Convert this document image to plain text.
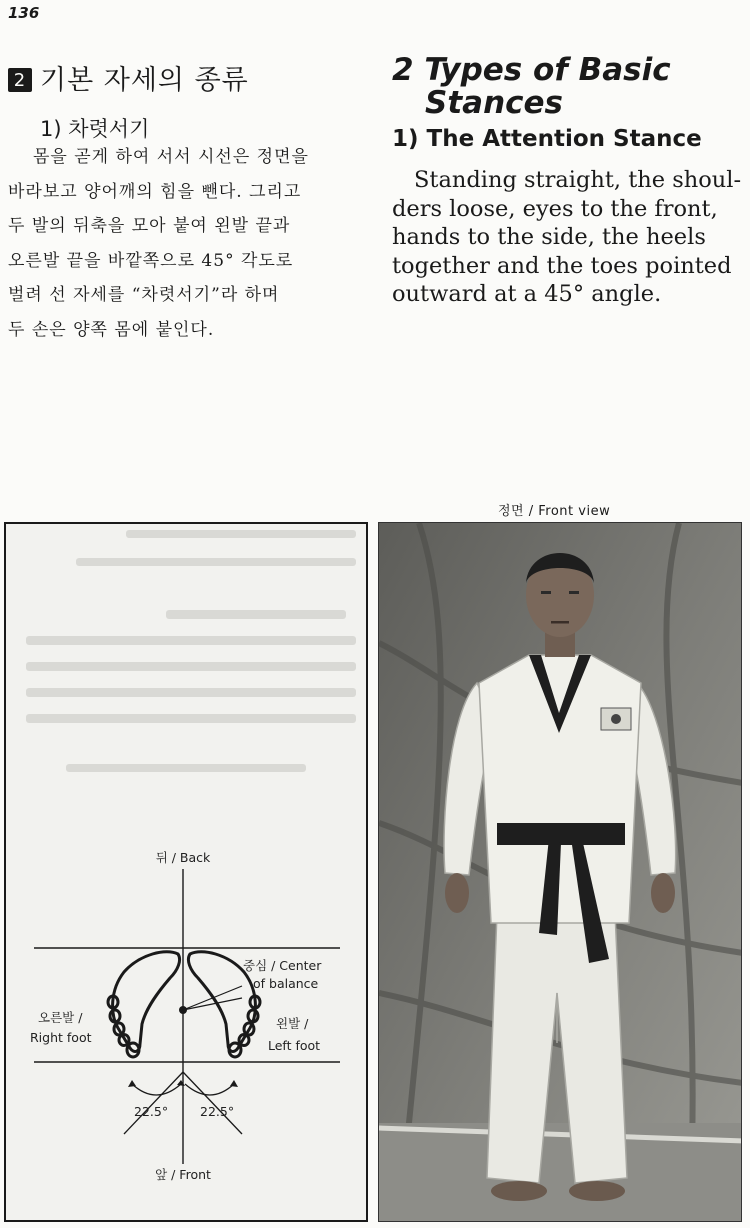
136
2 기본 자세의 종류
1) 차렷서기
몸을 곧게 하여 서서 시선은 정면을
바라보고 양어깨의 힘을 뺀다. 그리고
두 발의 뒤축을 모아 붙여 왼발 끝과
오른발 끝을 바깥쪽으로 45° 각도로
벌려 선 자세를 “차렷서기”라 하며
두 손은 양쪽 몸에 붙인다.
2 Types of Basic
Stances
1) The Attention Stance
Standing straight, the shoul-
ders loose, eyes to the front,
hands to the side, the heels
together and the toes pointed
outward at a 45° angle.
뒤 / Back
중심 / Center
of balance
오른발 /
Right foot
왼발 /
Left foot
22.5°	22.5°
앞 / Front
정면 / Front view
